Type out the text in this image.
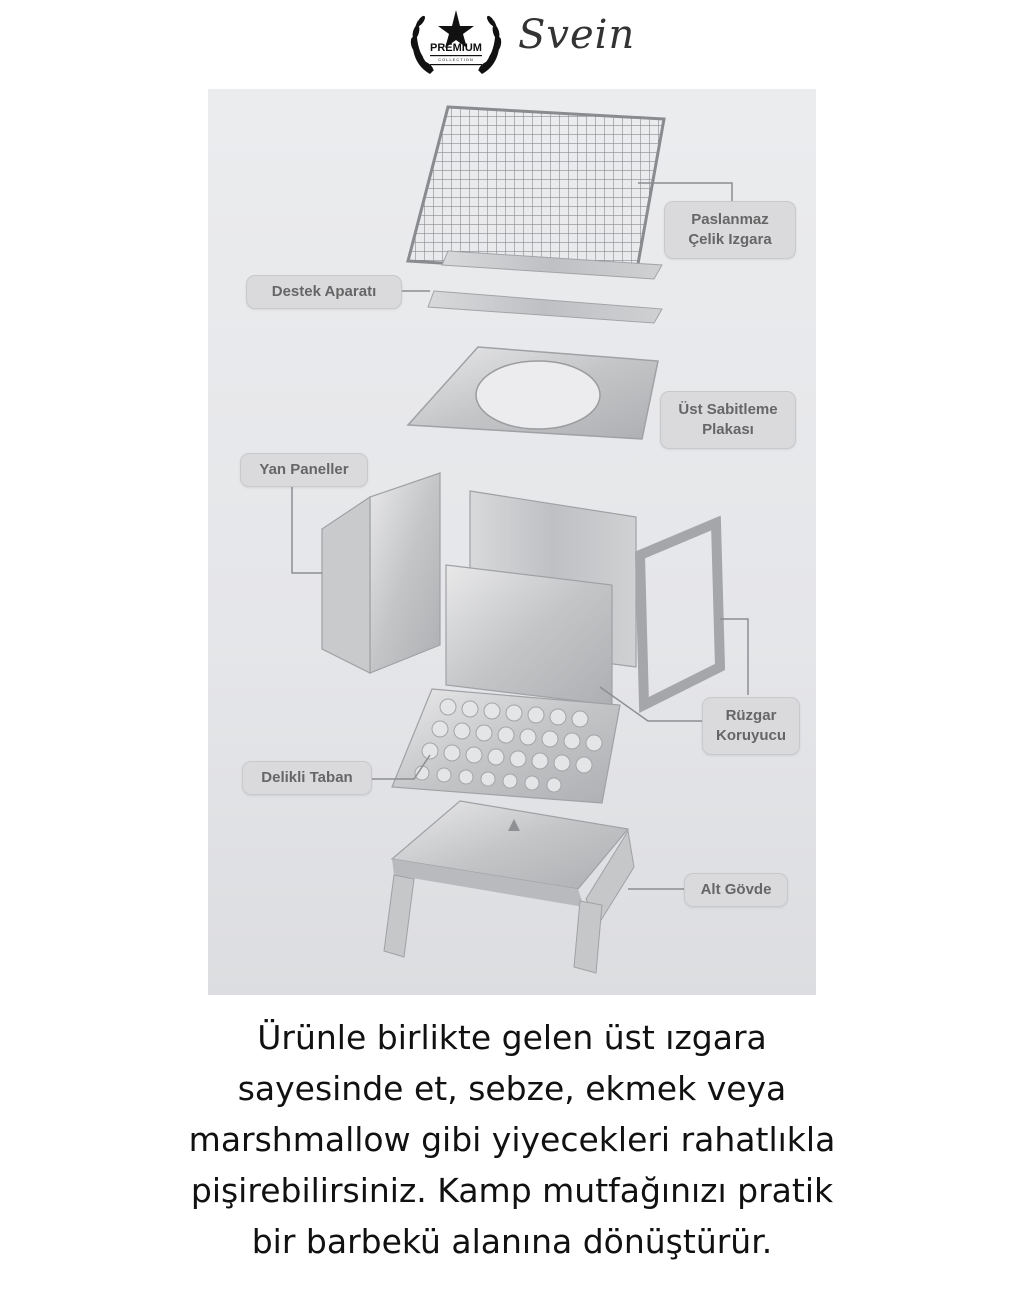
PREMIUM
COLLECTION
Svein
Paslanmaz
Çelik Izgara
Destek Aparatı
Üst Sabitleme
Plakası
Yan Paneller
Rüzgar
Koruyucu
Delikli Taban
Alt Gövde
Ürünle birlikte gelen üst ızgara
sayesinde et, sebze, ekmek veya
marshmallow gibi yiyecekleri rahatlıkla
pişirebilirsiniz. Kamp mutfağınızı pratik
bir barbekü alanına dönüştürür.
